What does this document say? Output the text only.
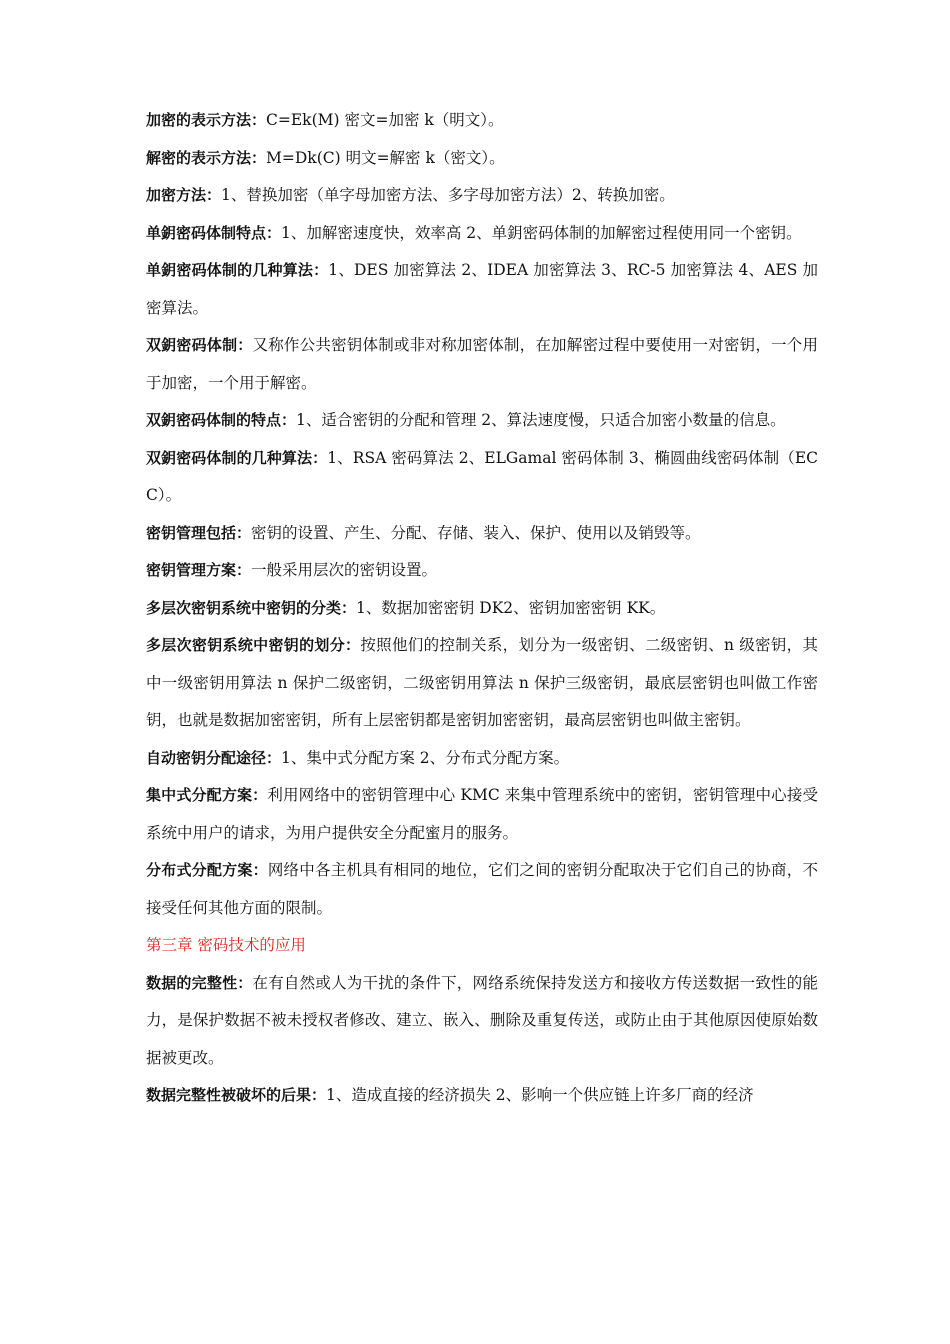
加密的表示方法：C=Ek(M) 密文=加密 k（明文）。

解密的表示方法：M=Dk(C) 明文=解密 k（密文）。

加密方法：1、替换加密（单字母加密方法、多字母加密方法）2、转换加密。

单鈅密码体制特点：1、加解密速度快，效率高 2、单鈅密码体制的加解密过程使用同一个密钥。

单鈅密码体制的几种算法：1、DES 加密算法 2、IDEA 加密算法 3、RC-5 加密算法 4、AES 加密算法。

双鈅密码体制：又称作公共密钥体制或非对称加密体制，在加解密过程中要使用一对密钥，一个用于加密，一个用于解密。

双鈅密码体制的特点：1、适合密钥的分配和管理 2、算法速度慢，只适合加密小数量的信息。

双鈅密码体制的几种算法：1、RSA 密码算法 2、ELGamal 密码体制 3、椭圆曲线密码体制（ECC）。

密钥管理包括：密钥的设置、产生、分配、存储、装入、保护、使用以及销毁等。

密钥管理方案：一般采用层次的密钥设置。

多层次密钥系统中密钥的分类：1、数据加密密钥 DK2、密钥加密密钥 KK。

多层次密钥系统中密钥的划分：按照他们的控制关系，划分为一级密钥、二级密钥、n 级密钥，其中一级密钥用算法 n 保护二级密钥，二级密钥用算法 n 保护三级密钥，最底层密钥也叫做工作密钥，也就是数据加密密钥，所有上层密钥都是密钥加密密钥，最高层密钥也叫做主密钥。

自动密钥分配途径：1、集中式分配方案 2、分布式分配方案。

集中式分配方案：利用网络中的密钥管理中心 KMC 来集中管理系统中的密钥，密钥管理中心接受系统中用户的请求，为用户提供安全分配蜜月的服务。

分布式分配方案：网络中各主机具有相同的地位，它们之间的密钥分配取决于它们自己的协商，不接受任何其他方面的限制。

第三章 密码技术的应用

数据的完整性：在有自然或人为干扰的条件下，网络系统保持发送方和接收方传送数据一致性的能力，是保护数据不被未授权者修改、建立、嵌入、删除及重复传送，或防止由于其他原因使原始数据被更改。

数据完整性被破坏的后果：1、造成直接的经济损失 2、影响一个供应链上许多厂商的经济
